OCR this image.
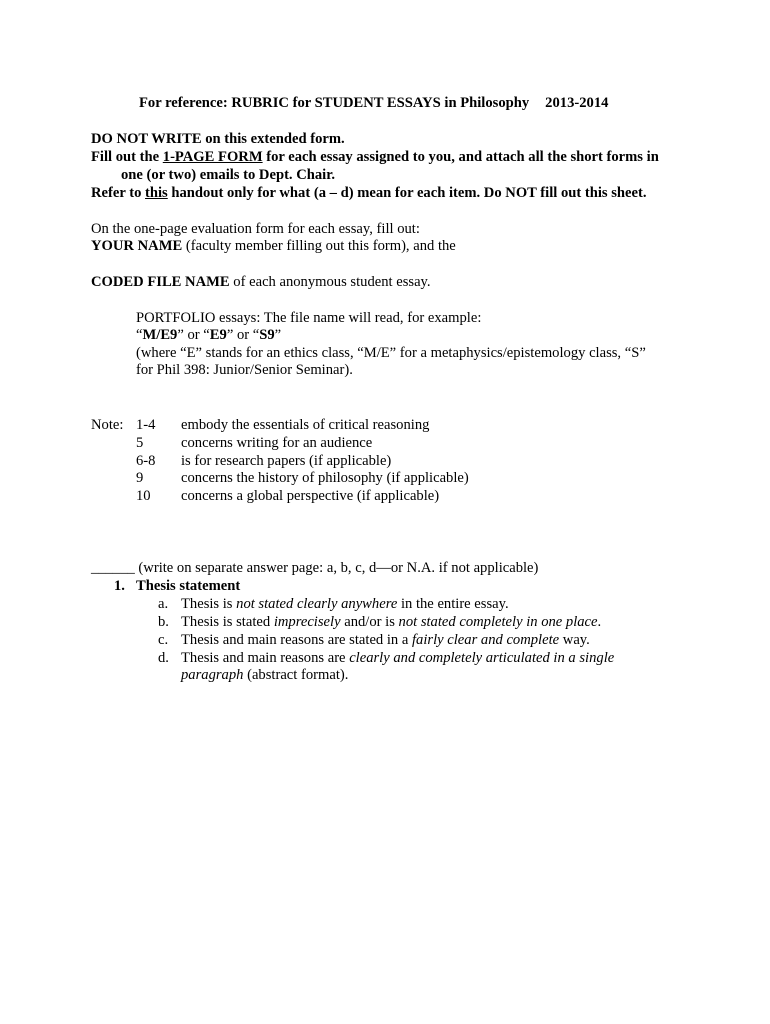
For reference: RUBRIC for STUDENT ESSAYS in Philosophy 2013-2014
DO NOT WRITE on this extended form.
Fill out the 1-PAGE FORM for each essay assigned to you, and attach all the short forms in
one (or two) emails to Dept. Chair.
Refer to this handout only for what (a – d) mean for each item. Do NOT fill out this sheet.
On the one-page evaluation form for each essay, fill out:
YOUR NAME (faculty member filling out this form), and the
CODED FILE NAME of each anonymous student essay.
PORTFOLIO essays: The file name will read, for example:
“M/E9” or “E9” or “S9”
(where “E” stands for an ethics class, “M/E” for a metaphysics/epistemology class, “S”
for Phil 398: Junior/Senior Seminar).
Note: 1-4 embody the essentials of critical reasoning
5	concerns writing for an audience
6-8 is for research papers (if applicable)
9	concerns the history of philosophy (if applicable)
10 concerns a global perspective (if applicable)
______ (write on separate answer page: a, b, c, d—or N.A. if not applicable)
1. Thesis statement
a. Thesis is not stated clearly anywhere in the entire essay.
b. Thesis is stated imprecisely and/or is not stated completely in one place.
c. Thesis and main reasons are stated in a fairly clear and complete way.
d. Thesis and main reasons are clearly and completely articulated in a single
paragraph (abstract format).
